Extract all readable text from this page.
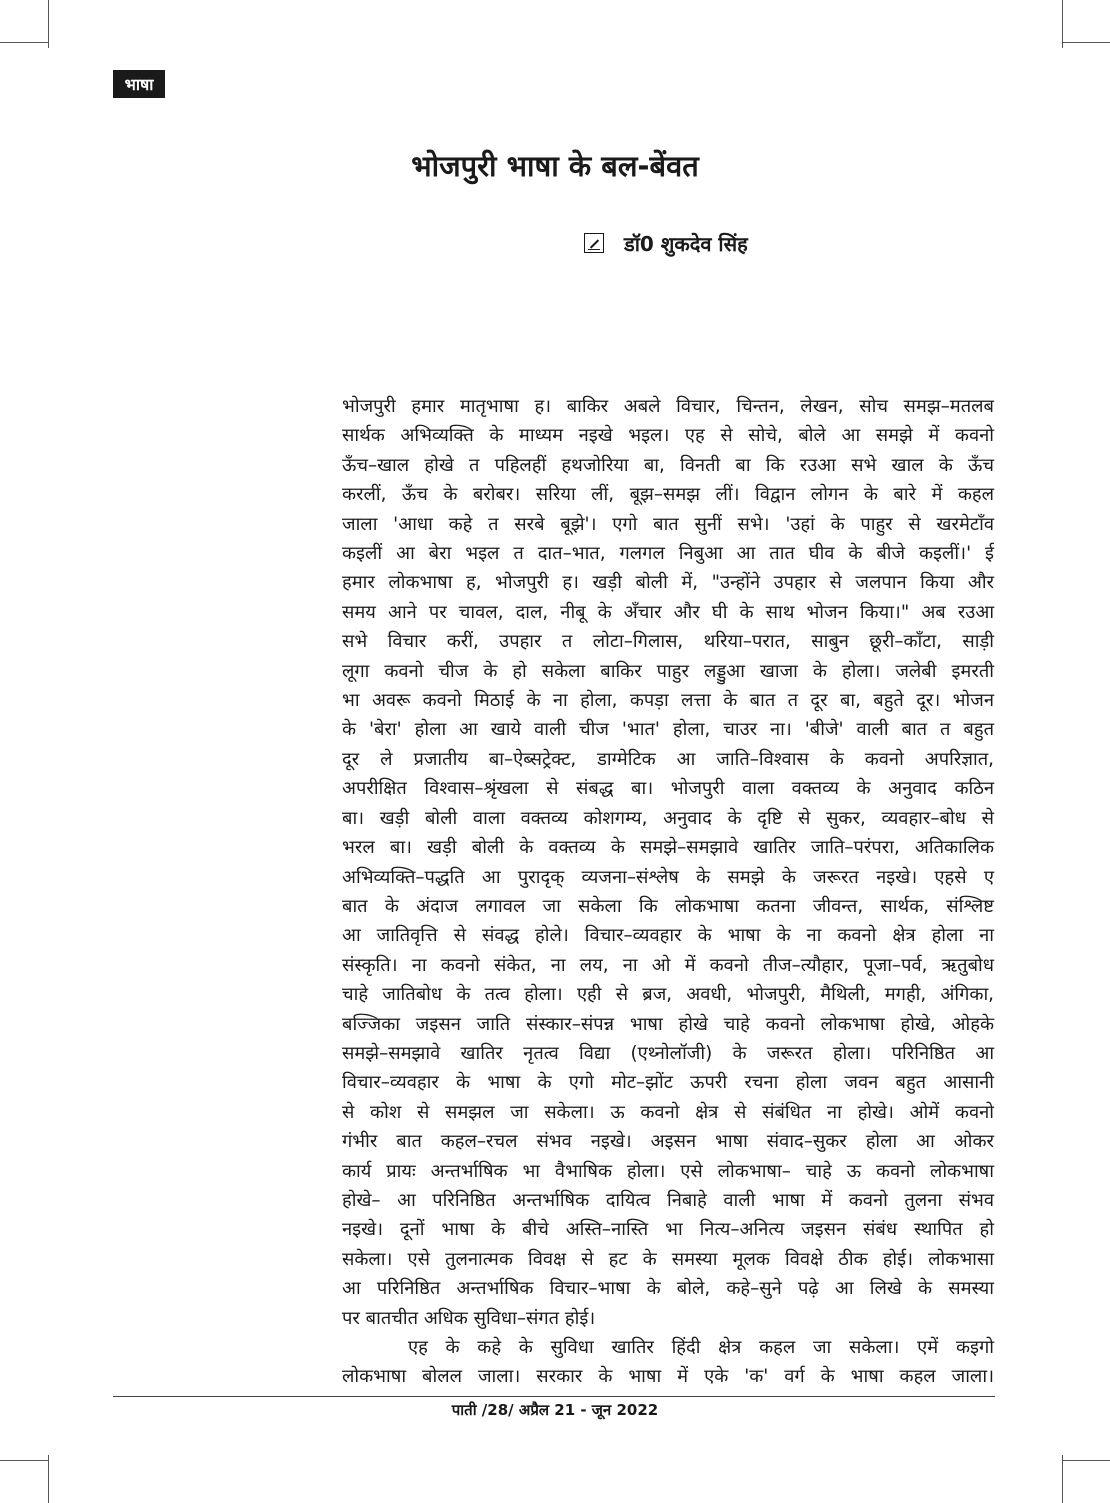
भाषा
भोजपुरी भाषा के बल-बेंवत
डॉ0 शुकदेव सिंह

भोजपुरी हमार मातृभाषा ह। बाकिर अबले विचार, चिन्तन, लेखन, सोच समझ–मतलब

सार्थक अभिव्यक्ति के माध्यम नइखे भइल। एह से सोचे, बोले आ समझे में कवनो

ऊँच–खाल होखे त पहिलहीं हथजोरिया बा, विनती बा कि रउआ सभे खाल के ऊँच

करलीं, ऊँच के बरोबर। सरिया लीं, बूझ–समझ लीं। विद्वान लोगन के बारे में कहल

जाला 'आधा कहे त सरबे बूझे'। एगो बात सुनीं सभे। 'उहां के पाहुर से खरमेटाँव

कइलीं आ बेरा भइल त दात–भात, गलगल निबुआ आ तात घीव के बीजे कइलीं।' ई

हमार लोकभाषा ह, भोजपुरी ह। खड़ी बोली में, "उन्होंने उपहार से जलपान किया और

समय आने पर चावल, दाल, नीबू के अँचार और घी के साथ भोजन किया।" अब रउआ

सभे विचार करीं, उपहार त लोटा–गिलास, थरिया–परात, साबुन छूरी–काँटा, साड़ी

लूगा कवनो चीज के हो सकेला बाकिर पाहुर लड्डुआ खाजा के होला। जलेबी इमरती

भा अवरू कवनो मिठाई के ना होला, कपड़ा लत्ता के बात त दूर बा, बहुते दूर। भोजन

के 'बेरा' होला आ खाये वाली चीज 'भात' होला, चाउर ना। 'बीजे' वाली बात त बहुत

दूर ले प्रजातीय बा–ऐब्सट्रेक्ट, डाग्मेटिक आ जाति–विश्वास के कवनो अपरिज्ञात,

अपरीक्षित विश्वास–श्रृंखला से संबद्ध बा। भोजपुरी वाला वक्तव्य के अनुवाद कठिन

बा। खड़ी बोली वाला वक्तव्य कोशगम्य, अनुवाद के दृष्टि से सुकर, व्यवहार–बोध से

भरल बा। खड़ी बोली के वक्तव्य के समझे–समझावे खातिर जाति–परंपरा, अतिकालिक

अभिव्यक्ति–पद्धति आ पुरादृक् व्यजना–संश्लेष के समझे के जरूरत नइखे। एहसे ए

बात के अंदाज लगावल जा सकेला कि लोकभाषा कतना जीवन्त, सार्थक, संश्लिष्ट

आ जातिवृत्ति से संवद्ध होले। विचार–व्यवहार के भाषा के ना कवनो क्षेत्र होला ना

संस्कृति। ना कवनो संकेत, ना लय, ना ओ में कवनो तीज–त्यौहार, पूजा–पर्व, ऋतुबोध

चाहे जातिबोध के तत्व होला। एही से ब्रज, अवधी, भोजपुरी, मैथिली, मगही, अंगिका,

बज्जिका जइसन जाति संस्कार–संपन्न भाषा होखे चाहे कवनो लोकभाषा होखे, ओहके

समझे–समझावे खातिर नृतत्व विद्या (एथ्नोलॉजी) के जरूरत होला। परिनिष्ठित आ

विचार–व्यवहार के भाषा के एगो मोट–झोंट ऊपरी रचना होला जवन बहुत आसानी

से कोश से समझल जा सकेला। ऊ कवनो क्षेत्र से संबंधित ना होखे। ओमें कवनो

गंभीर बात कहल–रचल संभव नइखे। अइसन भाषा संवाद–सुकर होला आ ओकर

कार्य प्रायः अन्तर्भाषिक भा वैभाषिक होला। एसे लोकभाषा– चाहे ऊ कवनो लोकभाषा

होखे– आ परिनिष्ठित अन्तर्भाषिक दायित्व निबाहे वाली भाषा में कवनो तुलना संभव

नइखे। दूनों भाषा के बीचे अस्ति–नास्ति भा नित्य–अनित्य जइसन संबंध स्थापित हो

सकेला। एसे तुलनात्मक विवक्ष से हट के समस्या मूलक विवक्षे ठीक होई। लोकभासा

आ परिनिष्ठित अन्तर्भाषिक विचार–भाषा के बोले, कहे–सुने पढ़े आ लिखे के समस्या

पर बातचीत अधिक सुविधा–संगत होई।

एह के कहे के सुविधा खातिर हिंदी क्षेत्र कहल जा सकेला। एमें कइगो

लोकभाषा बोलल जाला। सरकार के भाषा में एके 'क' वर्ग के भाषा कहल जाला।

पाती /28/ अप्रैल 21 - जून 2022
